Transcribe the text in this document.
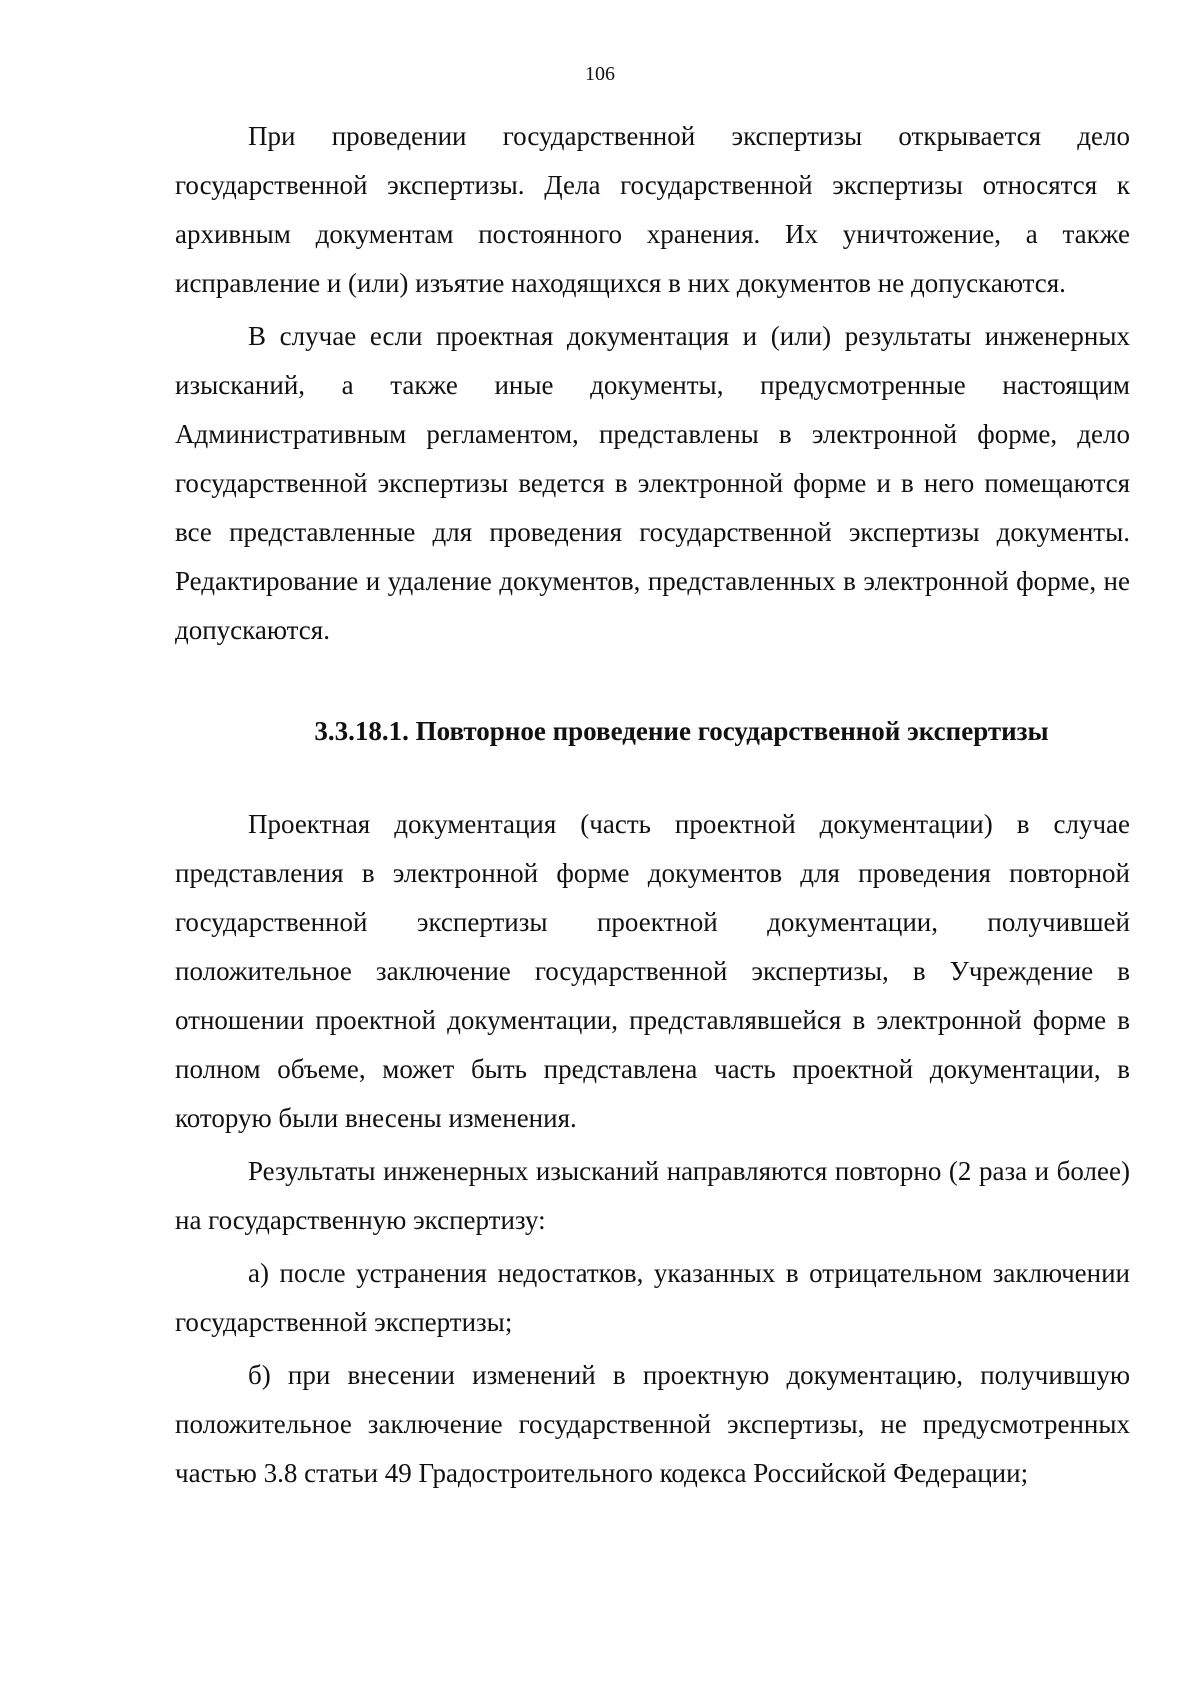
106

При проведении государственной экспертизы открывается дело государственной экспертизы. Дела государственной экспертизы относятся к архивным документам постоянного хранения. Их уничтожение, а также исправление и (или) изъятие находящихся в них документов не допускаются.

В случае если проектная документация и (или) результаты инженерных изысканий, а также иные документы, предусмотренные настоящим Административным регламентом, представлены в электронной форме, дело государственной экспертизы ведется в электронной форме и в него помещаются все представленные для проведения государственной экспертизы документы. Редактирование и удаление документов, представленных в электронной форме, не допускаются.

3.3.18.1. Повторное проведение государственной экспертизы

Проектная документация (часть проектной документации) в случае представления в электронной форме документов для проведения повторной государственной экспертизы проектной документации, получившей положительное заключение государственной экспертизы, в Учреждение в отношении проектной документации, представлявшейся в электронной форме в полном объеме, может быть представлена часть проектной документации, в которую были внесены изменения.

Результаты инженерных изысканий направляются повторно (2 раза и более) на государственную экспертизу:

а) после устранения недостатков, указанных в отрицательном заключении государственной экспертизы;

б) при внесении изменений в проектную документацию, получившую положительное заключение государственной экспертизы, не предусмотренных частью 3.8 статьи 49 Градостроительного кодекса Российской Федерации;
